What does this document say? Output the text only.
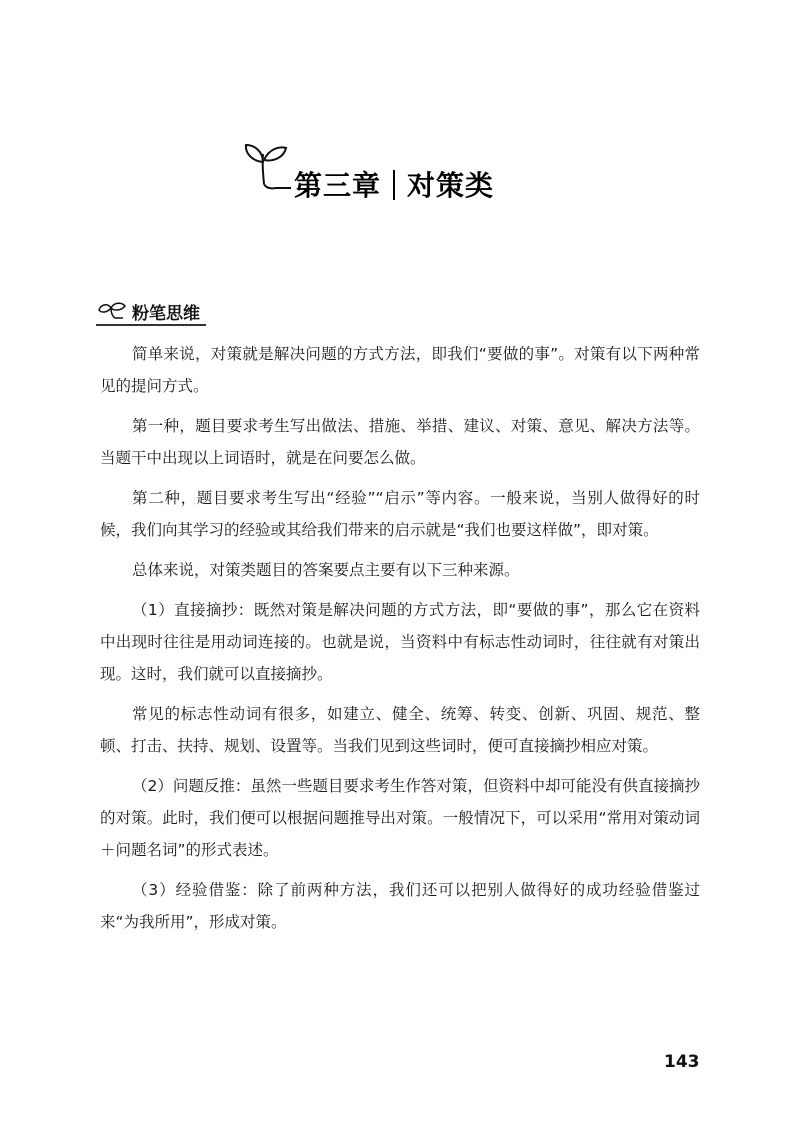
第三章 对策类
粉笔思维

简单来说，对策就是解决问题的方式方法，即我们“要做的事”。对策有以下两种常见的提问方式。

第一种，题目要求考生写出做法、措施、举措、建议、对策、意见、解决方法等。当题干中出现以上词语时，就是在问要怎么做。

第二种，题目要求考生写出“经验”“启示”等内容。一般来说，当别人做得好的时候，我们向其学习的经验或其给我们带来的启示就是“我们也要这样做”，即对策。

总体来说，对策类题目的答案要点主要有以下三种来源。

（1）直接摘抄：既然对策是解决问题的方式方法，即“要做的事”，那么它在资料中出现时往往是用动词连接的。也就是说，当资料中有标志性动词时，往往就有对策出现。这时，我们就可以直接摘抄。

常见的标志性动词有很多，如建立、健全、统筹、转变、创新、巩固、规范、整顿、打击、扶持、规划、设置等。当我们见到这些词时，便可直接摘抄相应对策。

（2）问题反推：虽然一些题目要求考生作答对策，但资料中却可能没有供直接摘抄的对策。此时，我们便可以根据问题推导出对策。一般情况下，可以采用“常用对策动词＋问题名词”的形式表述。

（3）经验借鉴：除了前两种方法，我们还可以把别人做得好的成功经验借鉴过来“为我所用”，形成对策。

143
